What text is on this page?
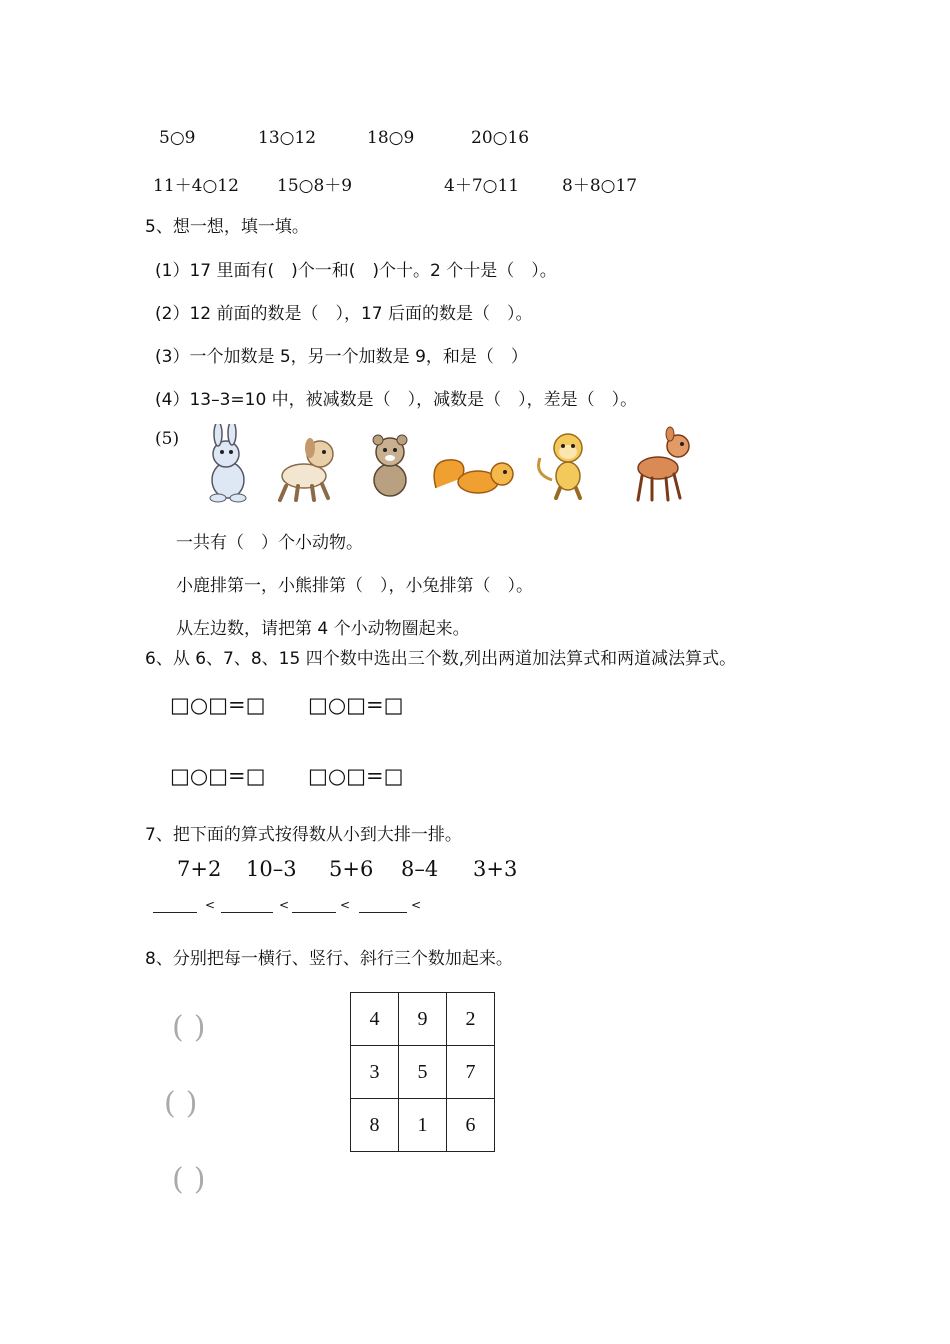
5○9	13○12	18○9	20○16
11＋4○12 15○8＋9	4＋7○11	8＋8○17
5、想一想，填一填。
(1）17 里面有(　)个一和(　)个十。2 个十是（　）。
(2）12 前面的数是（　），17 后面的数是（　）。
(3）一个加数是 5，另一个加数是 9，和是（　）
(4）13–3=10 中，被减数是（　），减数是（　），差是（　）。
(5)
一共有（　）个小动物。
小鹿排第一，小熊排第（　），小兔排第（　）。
从左边数，请把第 4 个小动物圈起来。
6、从 6、7、8、15 四个数中选出三个数,列出两道加法算式和两道减法算式。
□○□=□ □○□=□
□○□=□ □○□=□
7、把下面的算式按得数从小到大排一排。
7+2 10–3 5+6 8–4 3+3
<	<	<	<
8、分别把每一横行、竖行、斜行三个数加起来。
()
()
()
4	9	2
3	5	7
8	1	6
